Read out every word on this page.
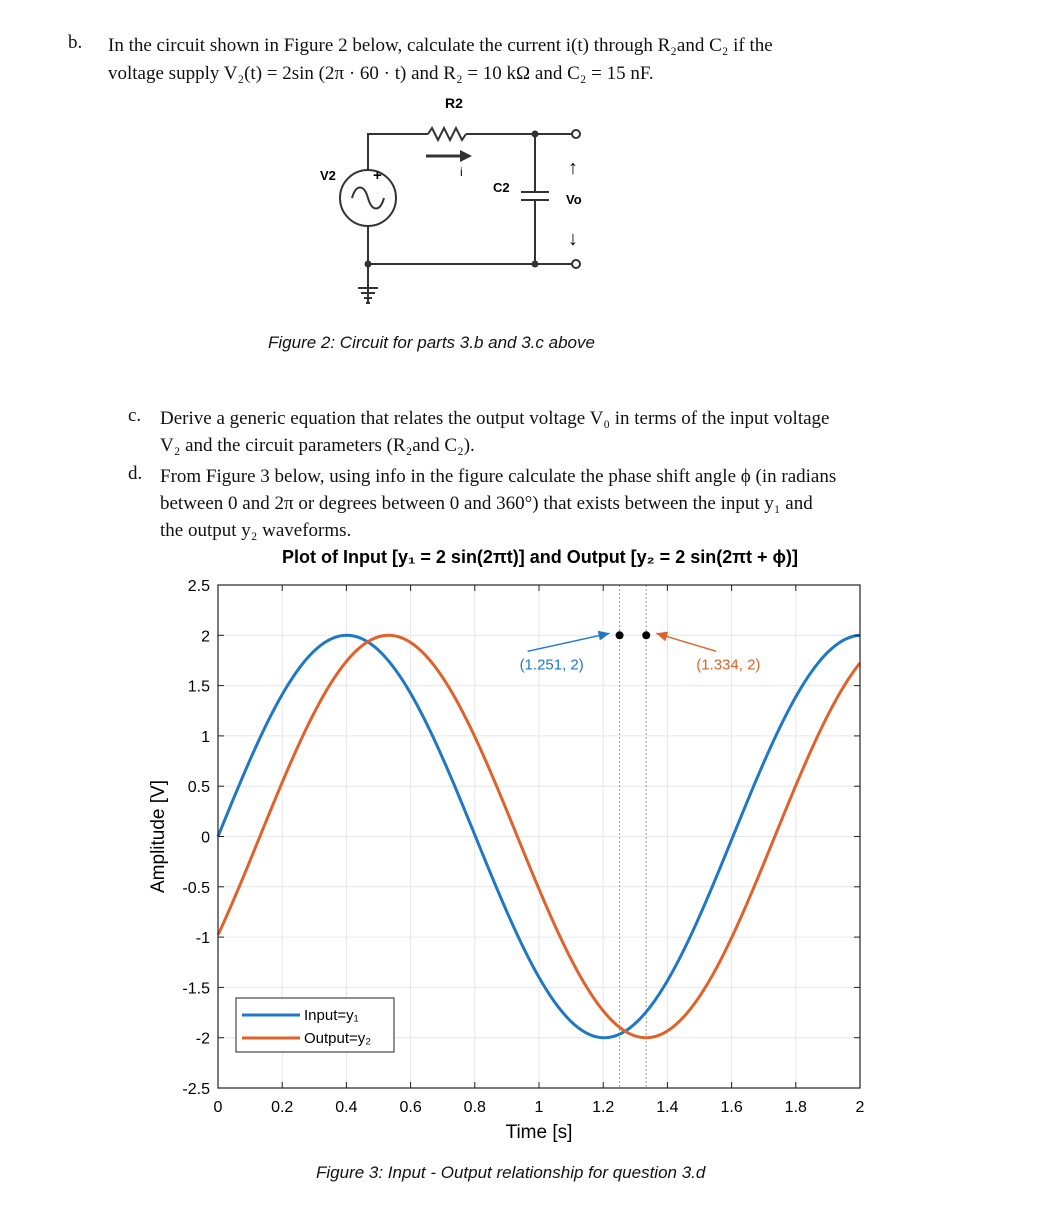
b. In the circuit shown in Figure 2 below, calculate the current i(t) through R₂and C₂ if the
voltage supply V₂(t) = 2sin (2π · 60 · t) and R₂ = 10 kΩ and C₂ = 15 nF.
R2
V2 +	i
C2
↑
Vo
↓
Figure 2: Circuit for parts 3.b and 3.c above
c. Derive a generic equation that relates the output voltage V₀ in terms of the input voltage
V₂ and the circuit parameters (R₂and C₂).
d. From Figure 3 below, using info in the figure calculate the phase shift angle ϕ (in radians
between 0 and 2π or degrees between 0 and 360°) that exists between the input y₁ and
the output y₂ waveforms.
Plot of Input [y₁ = 2 sin(2πt)] and Output [y₂ = 2 sin(2πt + ϕ)]
0	0.2	0.4	0.6	0.8	1	1.2	1.4	1.6	1.8	2
2.5
2
1.5
1
0.5
0
-0.5
-1
-1.5
-2
-2.5
(1.251, 2)	(1.334, 2)
Input=y₁
Output=y₂
Time [s]
Amplitude [V]
Figure 3: Input - Output relationship for question 3.d
